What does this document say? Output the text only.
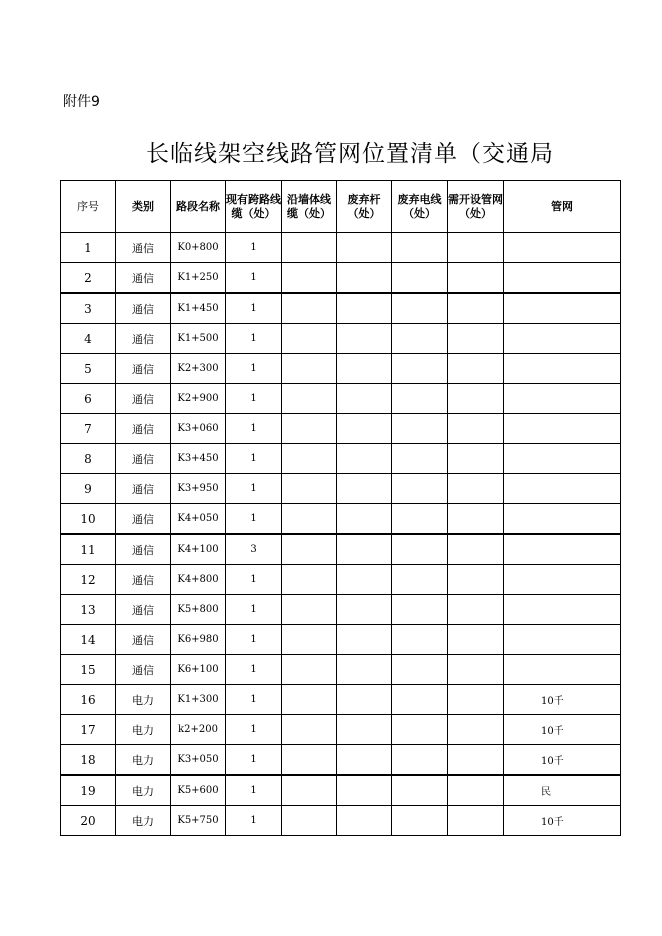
附件9
长临线架空线路管网位置清单（交通局
序号	类别	路段名称	现有跨路线缆（处）	沿墙体线缆（处）	废弃杆（处）	废弃电线（处）	需开设管网（处）	管网
1	通信	K0+800	1					
2	通信	K1+250	1					
3	通信	K1+450	1					
4	通信	K1+500	1					
5	通信	K2+300	1					
6	通信	K2+900	1					
7	通信	K3+060	1					
8	通信	K3+450	1					
9	通信	K3+950	1					
10	通信	K4+050	1					
11	通信	K4+100	3					
12	通信	K4+800	1					
13	通信	K5+800	1					
14	通信	K6+980	1					
15	通信	K6+100	1					
16	电力	K1+300	1					10千
17	电力	k2+200	1					10千
18	电力	K3+050	1					10千
19	电力	K5+600	1					民
20	电力	K5+750	1					10千
